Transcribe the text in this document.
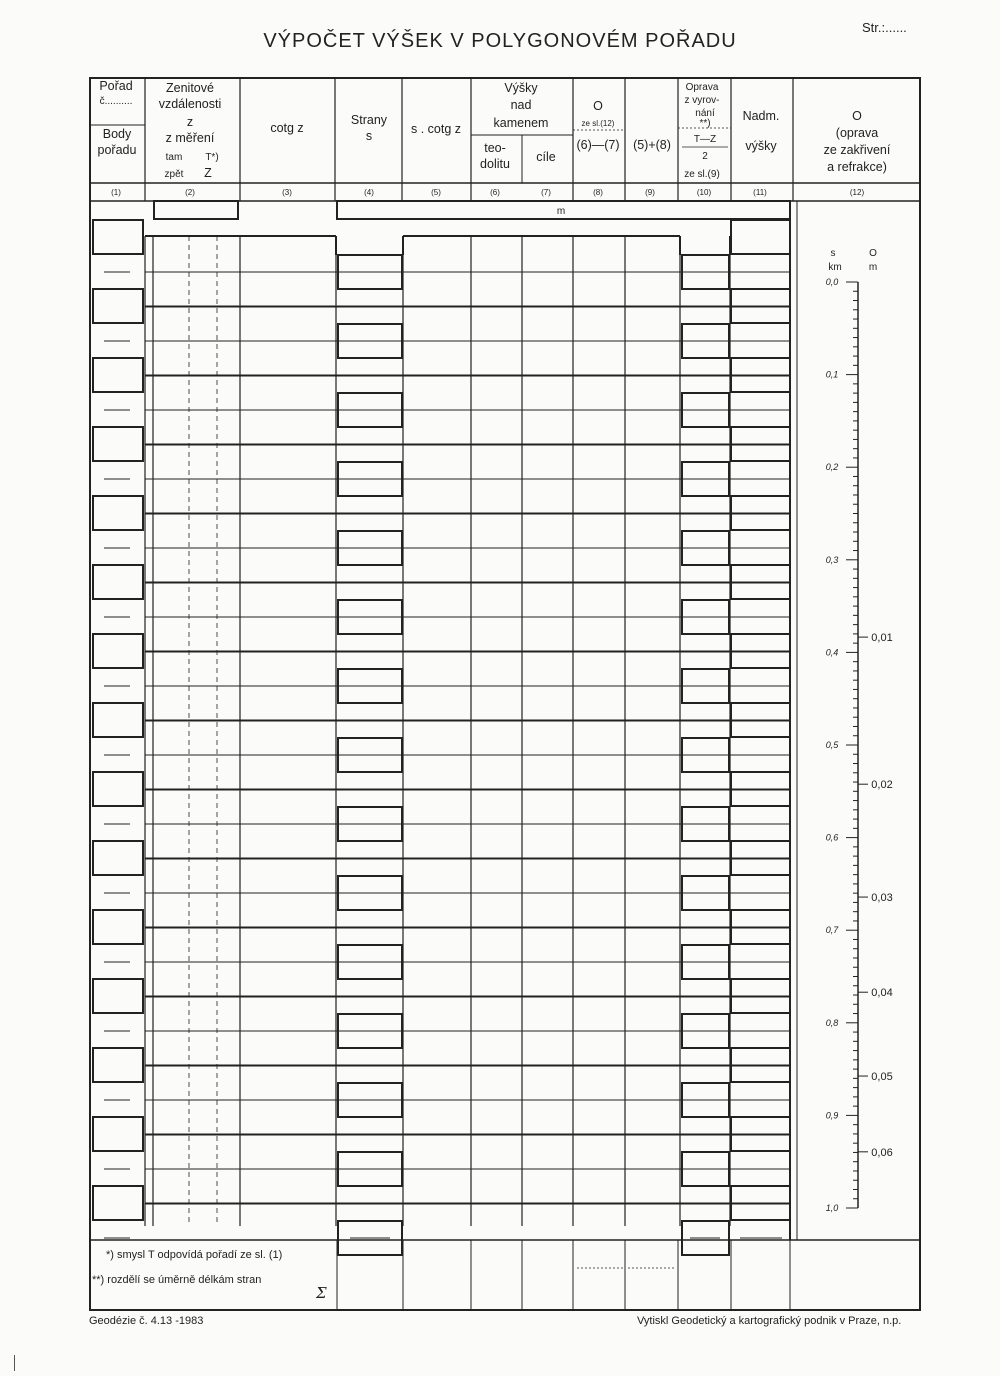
Str.:......
VÝPOČET VÝŠEK V POLYGONOVÉM POŘADU
Pořad
č..........
Body
pořadu
Zenitové
vzdálenosti
z
z měření
tam T*)
zpět Z
cotg z
Strany
s	s . cotg z
Výšky
nad
kamenem
teo-
dolitu cíle
O
ze sl.(12)
(6)—(7) (5)+(8)
Oprava
z vyrov-
nání
**)
T—Z
2
ze sl.(9)
Nadm.
výšky
O
(oprava
ze zakřivení
a refrakce)
(1)	(2)	(3)	(4)	(5)	(6)	(7)	(8)	(9)	(10)	(11)	(12)
m
s
km
O
m
0,0
0,1
0,2
0,3
0,4
0,5
0,6
0,7
0,8
0,9
1,0
0,01
0,02
0,03
0,04
0,05
0,06
*) smysl T odpovídá pořadí ze sl. (1)
**) rozdělí se úměrně délkám stran
Σ
Geodézie č. 4.13 -1983	Vytiskl Geodetický a kartografický podnik v Praze, n.p.
